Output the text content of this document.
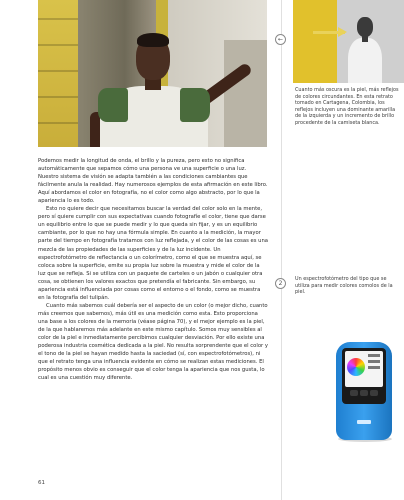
←
Cuanto más oscura es la piel, más reflejos de colores circundantes. En esta retrato tomado en Cartagena, Colombia, los reflejos incluyen una dominante amarilla de la izquierda y un incremento de brillo procedente de la camiseta blanca.

Podemos medir la longitud de onda, el brillo y la pureza, pero esto no significa automáticamente que sepamos cómo una persona ve una superficie o una luz. Nuestro sistema de visión se adapta también a las condiciones cambiantes que fácilmente anula la realidad. Hay numerosos ejemplos de esta afirmación en este libro. Aquí abordamos el color en fotografía, no el color como algo abstracto, por lo que la apariencia lo es todo.

Esto no quiere decir que necesitamos buscar la verdad del color solo en la mente, pero sí quiere cumplir con sus expectativas cuando fotografíe el color, tiene que darse un equilibrio entre lo que se puede medir y lo que queda sin fijar, y es un equilibrio cambiante, por lo que no hay una fórmula simple. En cuanto a la medición, la mayor parte del tiempo en fotografía tratamos con luz reflejada, y el color de las cosas es una mezcla de las propiedades de las superficies y de la luz incidente. Un espectrofotómetro de reflectancia o un colorímetro, como el que se muestra aquí, se coloca sobre la superficie, emite su propia luz sobre la muestra y mide el color de la luz que se refleja. Si se utiliza con un paquete de carteles o un jabón o cualquier otra cosa, se obtienen los valores exactos que pretendía el fabricante. Sin embargo, su apariencia está influenciada por cosas como el entorno o el fondo, como se muestra en la fotografía del tulipán.

Cuanto más sabemos cuál debería ser el aspecto de un color (o mejor dicho, cuanto más creemos que sabemos), más útil es una medición como esta. Esto proporciona una base a los colores de la memoria (véase página 70), y el mejor ejemplo es la piel, de la que hablaremos más adelante en este mismo capítulo. Somos muy sensibles al color de la piel e inmediatamente percibimos cualquier desviación. Por ello existe una poderosa industria cosmética dedicada a la piel. No resulta sorprendente que el color y el tono de la piel se hayan medido hasta la saciedad (sí, con espectrofotómetros), ni que el retrato tenga una influencia evidente en cómo se realizan estas mediciones. El propósito menos obvio es conseguir que el color tenga la apariencia que nos gusta, lo cual es una cuestión muy diferente.

2
Un espectrofotómetro del tipo que se utiliza para medir colores comolos de la piel.
61
